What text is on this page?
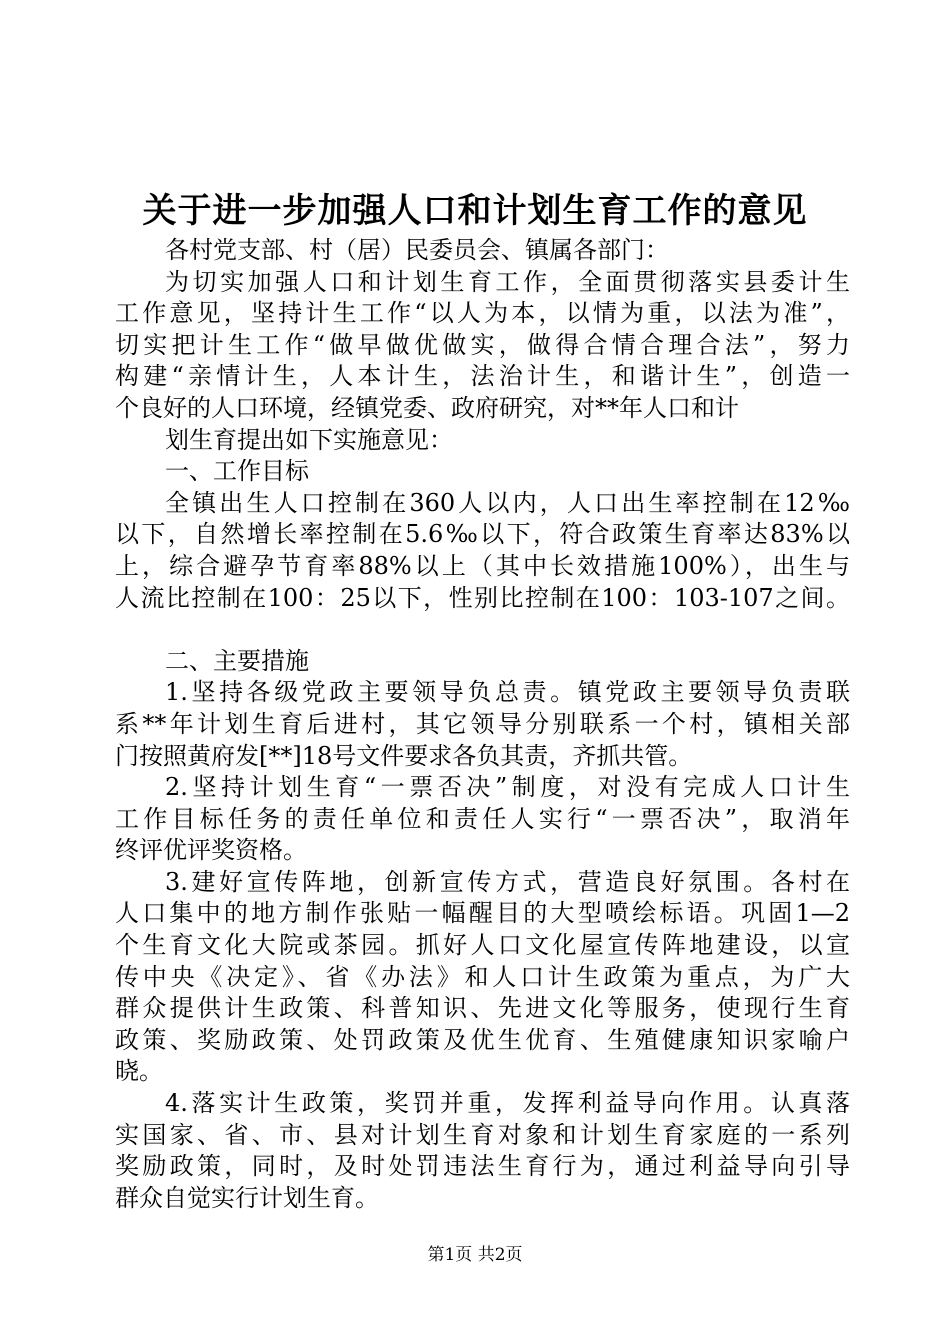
关于进一步加强人口和计划生育工作的意见
各村党支部、村（居）民委员会、镇属各部门：
为切实加强人口和计划生育工作，全面贯彻落实县委计生
工作意见，坚持计生工作“以人为本，以情为重，以法为准”，
切实把计生工作“做早做优做实，做得合情合理合法”，努力
构建“亲情计生，人本计生，法治计生，和谐计生”，创造一
个良好的人口环境，经镇党委、政府研究，对**年人口和计
划生育提出如下实施意见：
一、工作目标
全镇出生人口控制在360人以内，人口出生率控制在12‰
以下，自然增长率控制在5.6‰以下，符合政策生育率达83%以
上，综合避孕节育率88%以上（其中长效措施100%），出生与
人流比控制在100：25以下，性别比控制在100：103-107之间。
二、主要措施
1.坚持各级党政主要领导负总责。镇党政主要领导负责联
系**年计划生育后进村，其它领导分别联系一个村，镇相关部
门按照黄府发[**]18号文件要求各负其责，齐抓共管。
2.坚持计划生育“一票否决”制度，对没有完成人口计生
工作目标任务的责任单位和责任人实行“一票否决”，取消年
终评优评奖资格。
3.建好宣传阵地，创新宣传方式，营造良好氛围。各村在
人口集中的地方制作张贴一幅醒目的大型喷绘标语。巩固1—2
个生育文化大院或茶园。抓好人口文化屋宣传阵地建设，以宣
传中央《决定》、省《办法》和人口计生政策为重点，为广大
群众提供计生政策、科普知识、先进文化等服务，使现行生育
政策、奖励政策、处罚政策及优生优育、生殖健康知识家喻户
晓。
4.落实计生政策，奖罚并重，发挥利益导向作用。认真落
实国家、省、市、县对计划生育对象和计划生育家庭的一系列
奖励政策，同时，及时处罚违法生育行为，通过利益导向引导
群众自觉实行计划生育。
第1页 共2页
